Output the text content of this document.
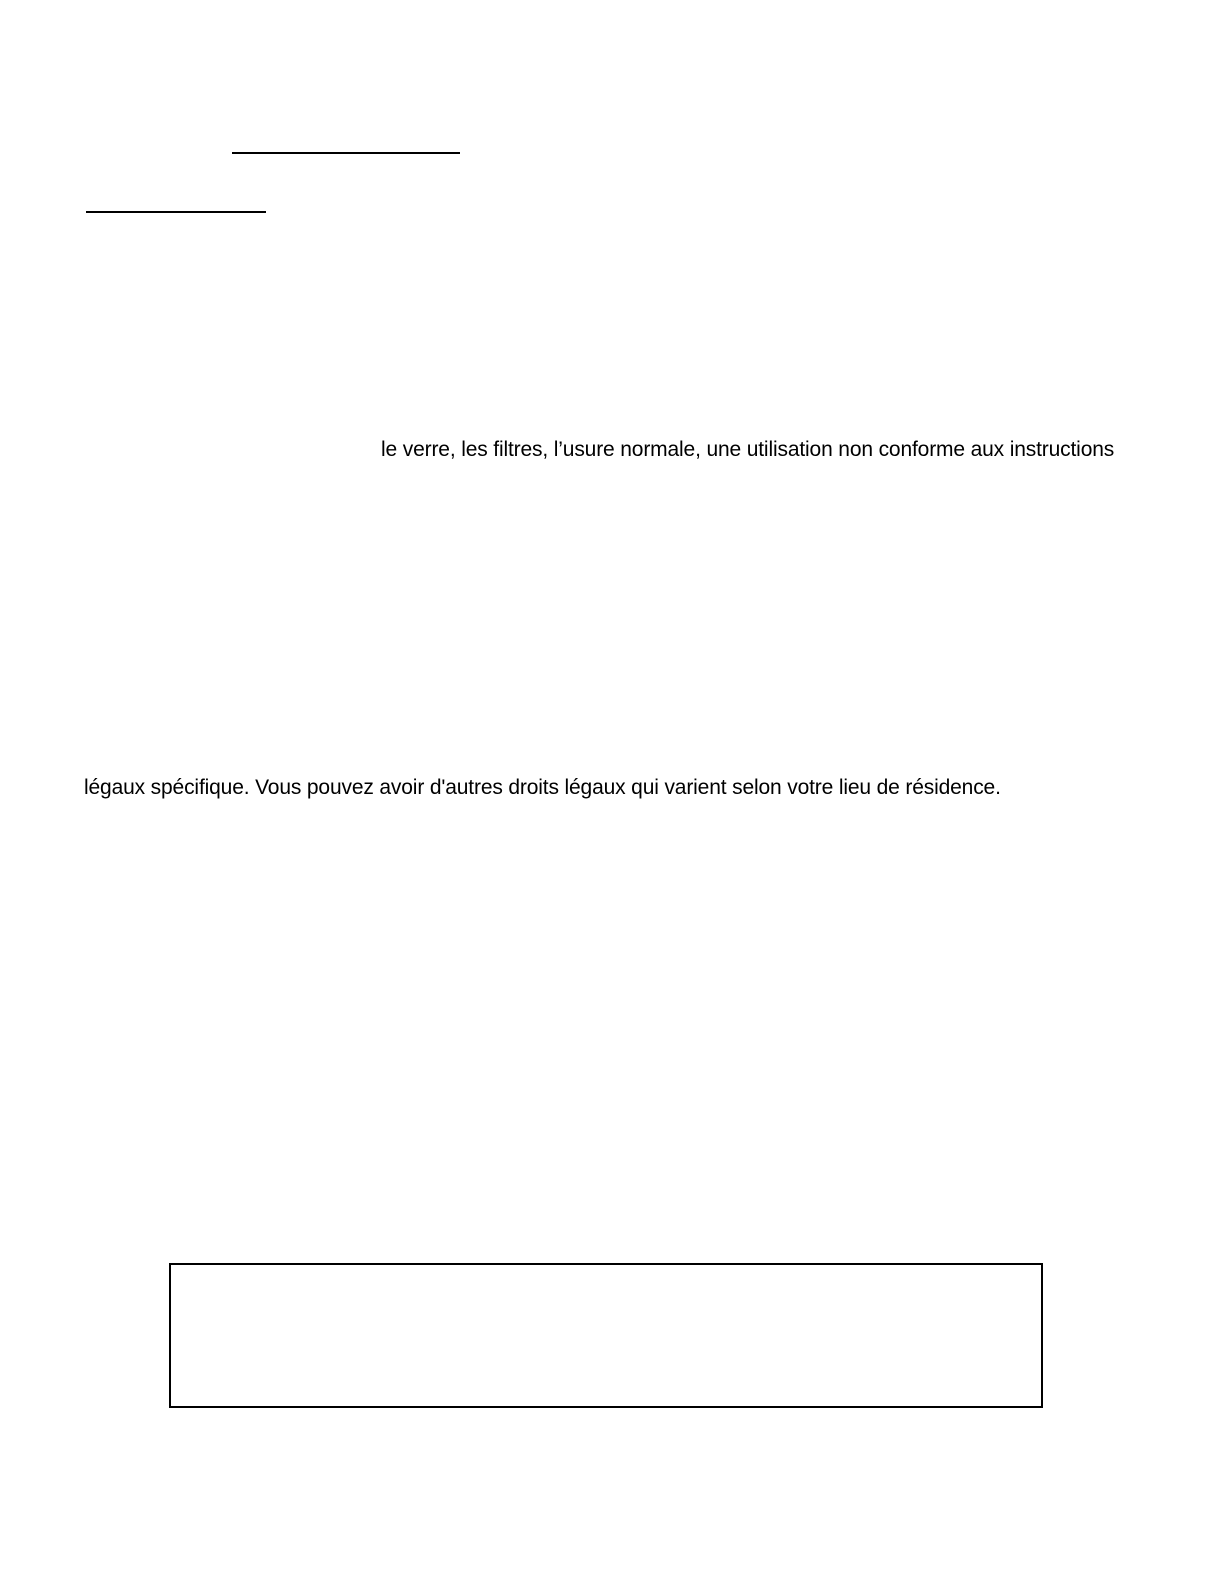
le verre, les filtres, l’usure normale, une utilisation non conforme aux instructions
légaux spécifique. Vous pouvez avoir d'autres droits légaux qui varient selon votre lieu de résidence.
